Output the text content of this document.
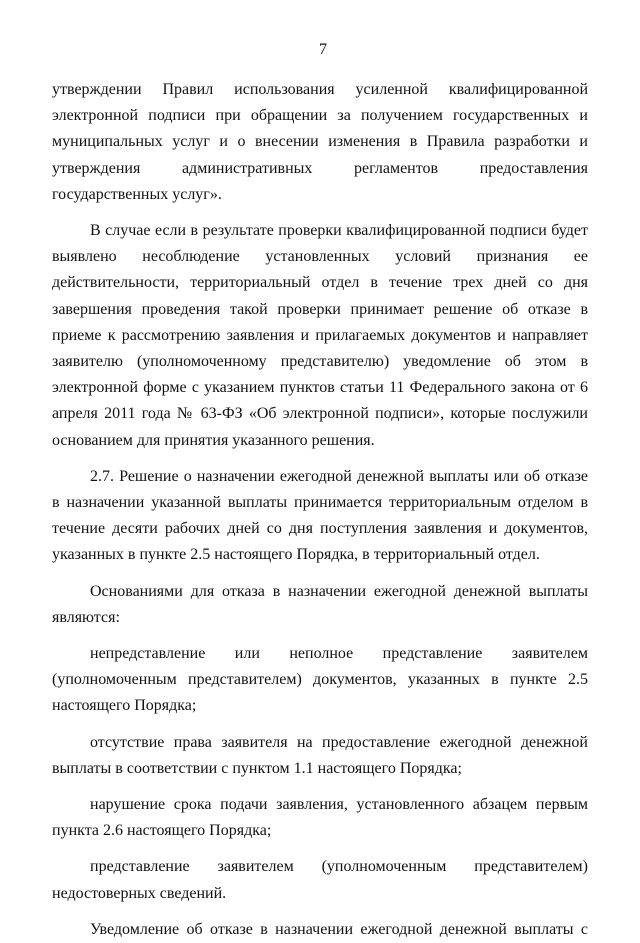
7

утверждении Правил использования усиленной квалифицированной электронной подписи при обращении за получением государственных и муниципальных услуг и о внесении изменения в Правила разработки и утверждения административных регламентов предоставления государственных услуг».

В случае если в результате проверки квалифицированной подписи будет выявлено несоблюдение установленных условий признания ее действительности, территориальный отдел в течение трех дней со дня завершения проведения такой проверки принимает решение об отказе в приеме к рассмотрению заявления и прилагаемых документов и направляет заявителю (уполномоченному представителю) уведомление об этом в электронной форме с указанием пунктов статьи 11 Федерального закона от 6 апреля 2011 года № 63-ФЗ «Об электронной подписи», которые послужили основанием для принятия указанного решения.

2.7. Решение о назначении ежегодной денежной выплаты или об отказе в назначении указанной выплаты принимается территориальным отделом в течение десяти рабочих дней со дня поступления заявления и документов, указанных в пункте 2.5 настоящего Порядка, в территориальный отдел.

Основаниями для отказа в назначении ежегодной денежной выплаты являются:

непредставление или неполное представление заявителем (уполномоченным представителем) документов, указанных в пункте 2.5 настоящего Порядка;

отсутствие права заявителя на предоставление ежегодной денежной выплаты в соответствии с пунктом 1.1 настоящего Порядка;

нарушение срока подачи заявления, установленного абзацем первым пункта 2.6 настоящего Порядка;

представление заявителем (уполномоченным представителем) недостоверных сведений.

Уведомление об отказе в назначении ежегодной денежной выплаты с
